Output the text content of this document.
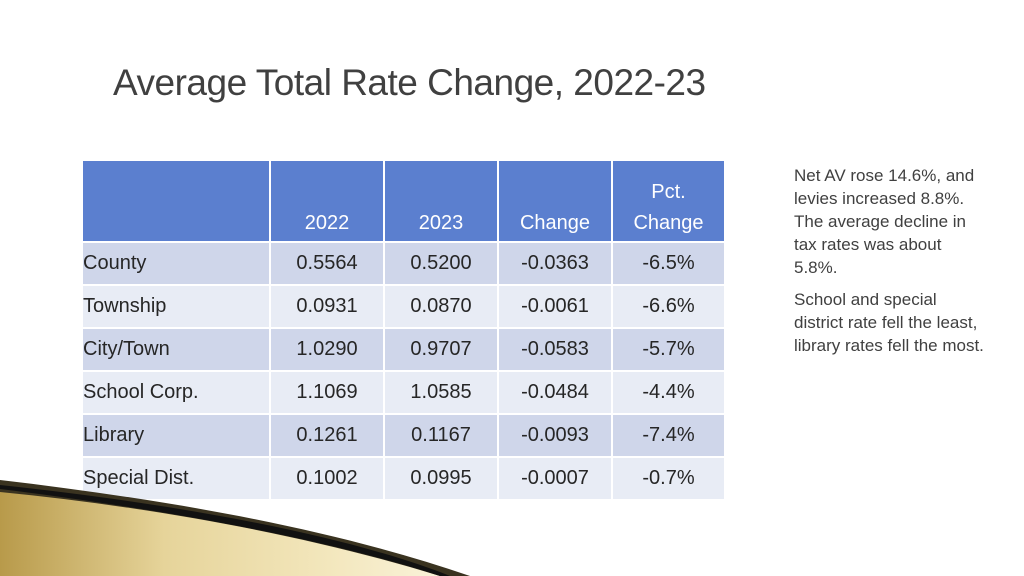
Average Total Rate Change, 2022-23
	2022	2023	Change	Pct.
Change
County	0.5564	0.5200	-0.0363	-6.5%
Township	0.0931	0.0870	-0.0061	-6.6%
City/Town	1.0290	0.9707	-0.0583	-5.7%
School Corp.	1.1069	1.0585	-0.0484	-4.4%
Library	0.1261	0.1167	-0.0093	-7.4%
Special Dist.	0.1002	0.0995	-0.0007	-0.7%

Net AV rose 14.6%, and levies increased 8.8%. The average decline in tax rates was about 5.8%.

School and special district rate fell the least, library rates fell the most.
